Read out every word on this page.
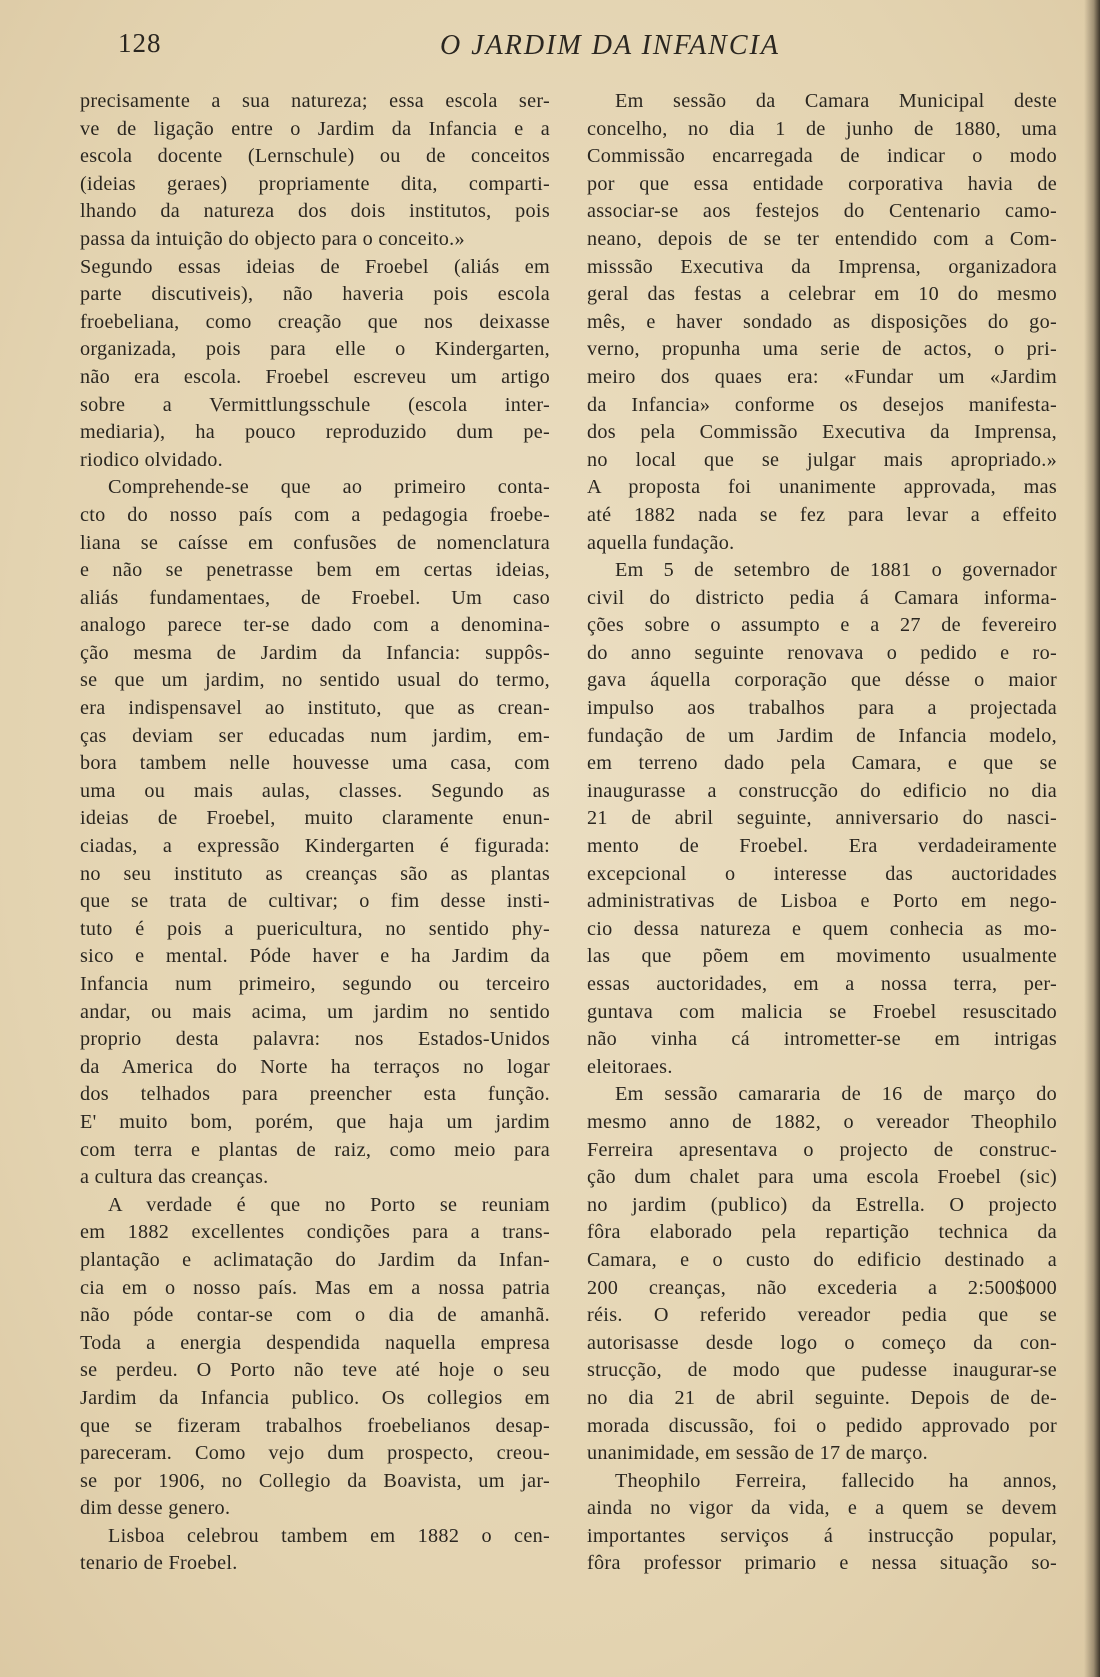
128	O JARDIM DA INFANCIA
precisamente a sua natureza; essa escola ser-
ve de ligação entre o Jardim da Infancia e a
escola docente (Lernschule) ou de conceitos
(ideias geraes) propriamente dita, comparti-
lhando da natureza dos dois institutos, pois
passa da intuição do objecto para o conceito.»
Segundo essas ideias de Froebel (aliás em
parte discutiveis), não haveria pois escola
froebeliana, como creação que nos deixasse
organizada, pois para elle o Kindergarten,
não era escola. Froebel escreveu um artigo
sobre a Vermittlungsschule (escola inter-
mediaria), ha pouco reproduzido dum pe-
riodico olvidado.
Comprehende-se que ao primeiro conta-
cto do nosso país com a pedagogia froebe-
liana se caísse em confusões de nomenclatura
e não se penetrasse bem em certas ideias,
aliás fundamentaes, de Froebel. Um caso
analogo parece ter-se dado com a denomina-
ção mesma de Jardim da Infancia: suppôs-
se que um jardim, no sentido usual do termo,
era indispensavel ao instituto, que as crean-
ças deviam ser educadas num jardim, em-
bora tambem nelle houvesse uma casa, com
uma ou mais aulas, classes. Segundo as
ideias de Froebel, muito claramente enun-
ciadas, a expressão Kindergarten é figurada:
no seu instituto as creanças são as plantas
que se trata de cultivar; o fim desse insti-
tuto é pois a puericultura, no sentido phy-
sico e mental. Póde haver e ha Jardim da
Infancia num primeiro, segundo ou terceiro
andar, ou mais acima, um jardim no sentido
proprio desta palavra: nos Estados-Unidos
da America do Norte ha terraços no logar
dos telhados para preencher esta função.
E' muito bom, porém, que haja um jardim
com terra e plantas de raiz, como meio para
a cultura das creanças.
A verdade é que no Porto se reuniam
em 1882 excellentes condições para a trans-
plantação e aclimatação do Jardim da Infan-
cia em o nosso país. Mas em a nossa patria
não póde contar-se com o dia de amanhã.
Toda a energia despendida naquella empresa
se perdeu. O Porto não teve até hoje o seu
Jardim da Infancia publico. Os collegios em
que se fizeram trabalhos froebelianos desap-
pareceram. Como vejo dum prospecto, creou-
se por 1906, no Collegio da Boavista, um jar-
dim desse genero.
Lisboa celebrou tambem em 1882 o cen-
tenario de Froebel.
Em sessão da Camara Municipal deste
concelho, no dia 1 de junho de 1880, uma
Commissão encarregada de indicar o modo
por que essa entidade corporativa havia de
associar-se aos festejos do Centenario camo-
neano, depois de se ter entendido com a Com-
misssão Executiva da Imprensa, organizadora
geral das festas a celebrar em 10 do mesmo
mês, e haver sondado as disposições do go-
verno, propunha uma serie de actos, o pri-
meiro dos quaes era: «Fundar um «Jardim
da Infancia» conforme os desejos manifesta-
dos pela Commissão Executiva da Imprensa,
no local que se julgar mais apropriado.»
A proposta foi unanimente approvada, mas
até 1882 nada se fez para levar a effeito
aquella fundação.
Em 5 de setembro de 1881 o governador
civil do districto pedia á Camara informa-
ções sobre o assumpto e a 27 de fevereiro
do anno seguinte renovava o pedido e ro-
gava áquella corporação que désse o maior
impulso aos trabalhos para a projectada
fundação de um Jardim de Infancia modelo,
em terreno dado pela Camara, e que se
inaugurasse a construcção do edificio no dia
21 de abril seguinte, anniversario do nasci-
mento de Froebel. Era verdadeiramente
excepcional o interesse das auctoridades
administrativas de Lisboa e Porto em nego-
cio dessa natureza e quem conhecia as mo-
las que põem em movimento usualmente
essas auctoridades, em a nossa terra, per-
guntava com malicia se Froebel resuscitado
não vinha cá intrometter-se em intrigas
eleitoraes.
Em sessão camararia de 16 de março do
mesmo anno de 1882, o vereador Theophilo
Ferreira apresentava o projecto de construc-
ção dum chalet para uma escola Froebel (sic)
no jardim (publico) da Estrella. O projecto
fôra elaborado pela repartição technica da
Camara, e o custo do edificio destinado a
200 creanças, não excederia a 2:500$000
réis. O referido vereador pedia que se
autorisasse desde logo o começo da con-
strucção, de modo que pudesse inaugurar-se
no dia 21 de abril seguinte. Depois de de-
morada discussão, foi o pedido approvado por
unanimidade, em sessão de 17 de março.
Theophilo Ferreira, fallecido ha annos,
ainda no vigor da vida, e a quem se devem
importantes serviços á instrucção popular,
fôra professor primario e nessa situação so-
